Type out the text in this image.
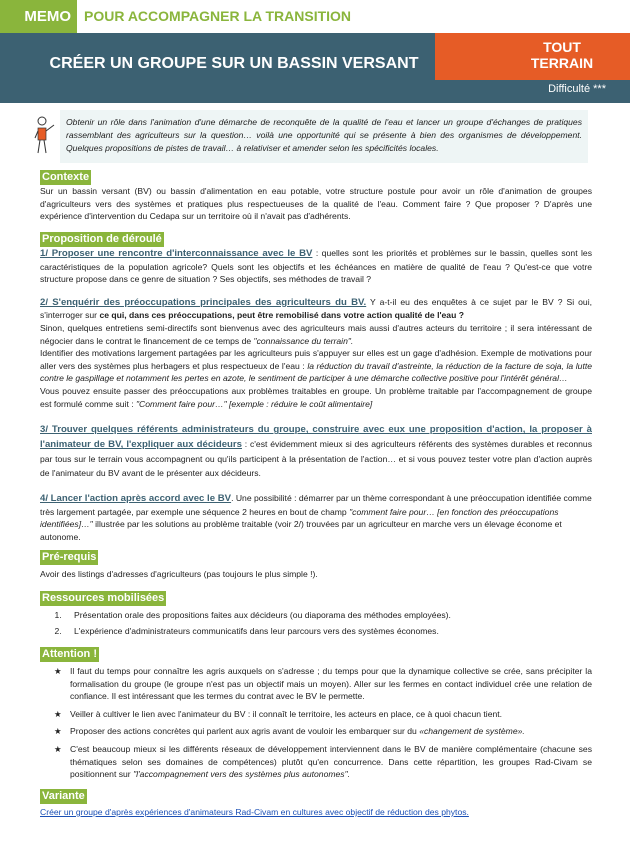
MEMO POUR ACCOMPAGNER LA TRANSITION
CRÉER UN GROUPE SUR UN BASSIN VERSANT
TOUT
TERRAIN
Difficulté ***
Obtenir un rôle dans l'animation d'une démarche de reconquête de la qualité de l'eau et lancer un groupe d'échanges de pratiques rassemblant des agriculteurs sur la question… voilà une opportunité qui se présente à bien des organismes de développement. Quelques propositions de pistes de travail… à relativiser et amender selon les spécificités locales.
Contexte

Sur un bassin versant (BV) ou bassin d'alimentation en eau potable, votre structure postule pour avoir un rôle d'animation de groupes d'agriculteurs vers des systèmes et pratiques plus respectueuses de la qualité de l'eau. Comment faire ? Que proposer ? D'après une expérience d'intervention du Cedapa sur un territoire où il n'avait pas d'adhérents.

Proposition de déroulé

1/ Proposer une rencontre d'interconnaissance avec le BV : quelles sont les priorités et problèmes sur le bassin, quelles sont les caractéristiques de la population agricole? Quels sont les objectifs et les échéances en matière de qualité de l'eau ? Qu'est-ce que votre structure propose dans ce genre de situation ? Ses objectifs, ses méthodes de travail ?

2/ S'enquérir des préoccupations principales des agriculteurs du BV. Y a-t-il eu des enquêtes à ce sujet par le BV ? Si oui, s'interroger sur ce qui, dans ces préoccupations, peut être remobilisé dans votre action qualité de l'eau ?
Sinon, quelques entretiens semi-directifs sont bienvenus avec des agriculteurs mais aussi d'autres acteurs du territoire ; il sera intéressant de négocier dans le contrat le financement de ce temps de "connaissance du terrain".
Identifier des motivations largement partagées par les agriculteurs puis s'appuyer sur elles est un gage d'adhésion. Exemple de motivations pour aller vers des systèmes plus herbagers et plus respectueux de l'eau : la réduction du travail d'astreinte, la réduction de la facture de soja, la lutte contre le gaspillage et notamment les pertes en azote, le sentiment de participer à une démarche collective positive pour l'intérêt général…
Vous pouvez ensuite passer des préoccupations aux problèmes traitables en groupe. Un problème traitable par l'accompagnement de groupe est formulé comme suit : "Comment faire pour…" [exemple : réduire le coût alimentaire]

3/ Trouver quelques référents administrateurs du groupe, construire avec eux une proposition d'action, la proposer à l'animateur de BV, l'expliquer aux décideurs : c'est évidemment mieux si des agriculteurs référents des systèmes durables et reconnus par tous sur le terrain vous accompagnent ou qu'ils participent à la présentation de l'action… et si vous pouvez tester votre plan d'action auprès de l'animateur du BV avant de le présenter aux décideurs.

4/ Lancer l'action après accord avec le BV. Une possibilité : démarrer par un thème correspondant à une préoccupation identifiée comme très largement partagée, par exemple une séquence 2 heures en bout de champ "comment faire pour… [en fonction des préoccupations identifiées]…" illustrée par les solutions au problème traitable (voir 2/) trouvées par un agriculteur en marche vers un élevage économe et autonome.

Pré-requis

Avoir des listings d'adresses d'agriculteurs (pas toujours le plus simple !).

Ressources mobilisées
1. Présentation orale des propositions faites aux décideurs (ou diaporama des méthodes employées).
2. L'expérience d'administrateurs communicatifs dans leur parcours vers des systèmes économes.
Attention !
★ Il faut du temps pour connaître les agris auxquels on s'adresse ; du temps pour que la dynamique collective se crée, sans précipiter la formalisation du groupe (le groupe n'est pas un objectif mais un moyen). Aller sur les fermes en contact individuel crée une relation de confiance. Il est intéressant que les termes du contrat avec le BV le permette.
★ Veiller à cultiver le lien avec l'animateur du BV : il connaît le territoire, les acteurs en place, ce à quoi chacun tient.
★ Proposer des actions concrètes qui parlent aux agris avant de vouloir les embarquer sur du «changement de système».
★ C'est beaucoup mieux si les différents réseaux de développement interviennent dans le BV de manière complémentaire (chacune ses thématiques selon ses domaines de compétences) plutôt qu'en concurrence. Dans cette répartition, les groupes Rad-Civam se positionnent sur "l'accompagnement vers des systèmes plus autonomes".
Variante

Créer un groupe d'après expériences d'animateurs Rad-Civam en cultures avec objectif de réduction des phytos.
